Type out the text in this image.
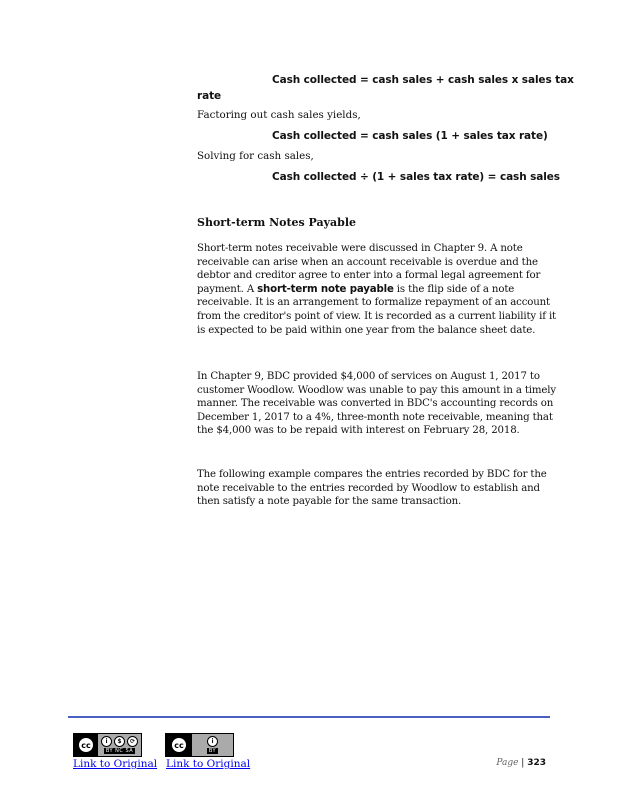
Cash collected = cash sales + cash sales x sales tax
rate
Factoring out cash sales yields,
Cash collected = cash sales (1 + sales tax rate)
Solving for cash sales,
Cash collected ÷ (1 + sales tax rate) = cash sales
Short-term Notes Payable
Short-term notes receivable were discussed in Chapter 9. A note receivable can arise when an account receivable is overdue and the debtor and creditor agree to enter into a formal legal agreement for payment. A short-term note payable is the flip side of a note receivable. It is an arrangement to formalize repayment of an account from the creditor's point of view. It is recorded as a current liability if it is expected to be paid within one year from the balance sheet date.
In Chapter 9, BDC provided $4,000 of services on August 1, 2017 to customer Woodlow. Woodlow was unable to pay this amount in a timely manner. The receivable was converted in BDC's accounting records on December 1, 2017 to a 4%, three-month note receivable, meaning that the $4,000 was to be repaid with interest on February 28, 2018.
The following example compares the entries recorded by BDC for the note receivable to the entries recorded by Woodlow to establish and then satisfy a note payable for the same transaction.
cc	i	$	⟳
BY NC SA
cc	i
BY
Link to Original Link to Original	Page | 323
